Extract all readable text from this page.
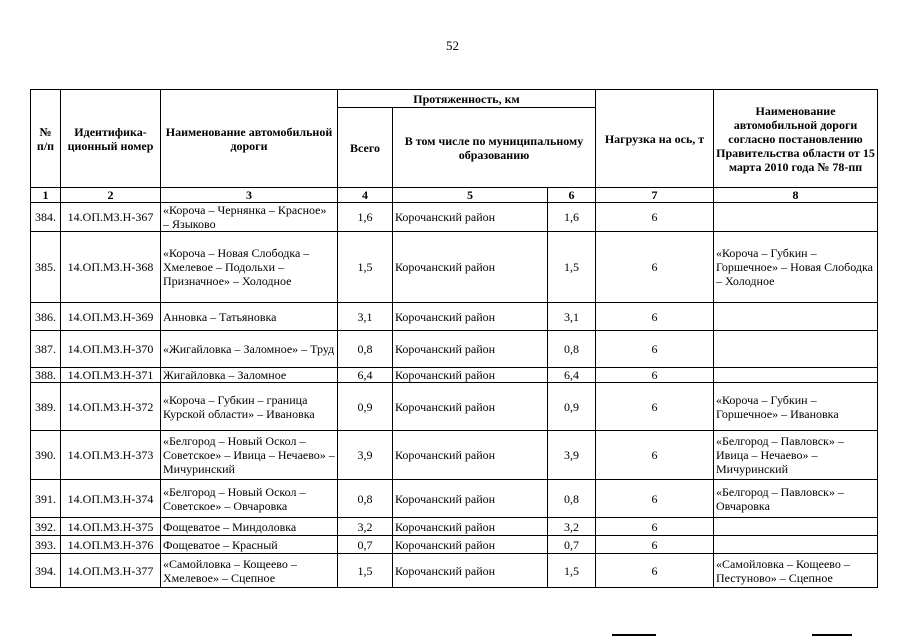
52
№ п/п	Идентифика-ционный номер	Наименование автомобильной дороги	Протяженность, км			Нагрузка на ось, т	Наименование автомобильной дороги согласно постановлению Правительства области от 15 марта 2010 года № 78-пп
			Всего	В том числе по муниципальному образованию			
1	2	3	4	5	6	7	8
384.	14.ОП.МЗ.Н-367	«Короча – Чернянка – Красное» – Языково	1,6	Корочанский район	1,6	6	
385.	14.ОП.МЗ.Н-368	«Короча – Новая Слободка – Хмелевое – Подольхи – Призначное» – Холодное	1,5	Корочанский район	1,5	6	«Короча – Губкин – Горшечное» – Новая Слободка – Холодное
386.	14.ОП.МЗ.Н-369	Анновка – Татьяновка	3,1	Корочанский район	3,1	6	
387.	14.ОП.МЗ.Н-370	«Жигайловка – Заломное» – Труд	0,8	Корочанский район	0,8	6	
388.	14.ОП.МЗ.Н-371	Жигайловка – Заломное	6,4	Корочанский район	6,4	6	
389.	14.ОП.МЗ.Н-372	«Короча – Губкин – граница Курской области» – Ивановка	0,9	Корочанский район	0,9	6	«Короча – Губкин – Горшечное» – Ивановка
390.	14.ОП.МЗ.Н-373	«Белгород – Новый Оскол – Советское» – Ивица – Нечаево» – Мичуринский	3,9	Корочанский район	3,9	6	«Белгород – Павловск» – Ивица – Нечаево» – Мичуринский
391.	14.ОП.МЗ.Н-374	«Белгород – Новый Оскол – Советское» – Овчаровка	0,8	Корочанский район	0,8	6	«Белгород – Павловск» – Овчаровка
392.	14.ОП.МЗ.Н-375	Фощеватое – Миндоловка	3,2	Корочанский район	3,2	6	
393.	14.ОП.МЗ.Н-376	Фощеватое – Красный	0,7	Корочанский район	0,7	6	
394.	14.ОП.МЗ.Н-377	«Самойловка – Кощеево – Хмелевое» – Сцепное	1,5	Корочанский район	1,5	6	«Самойловка – Кощеево – Пестуново» – Сцепное
